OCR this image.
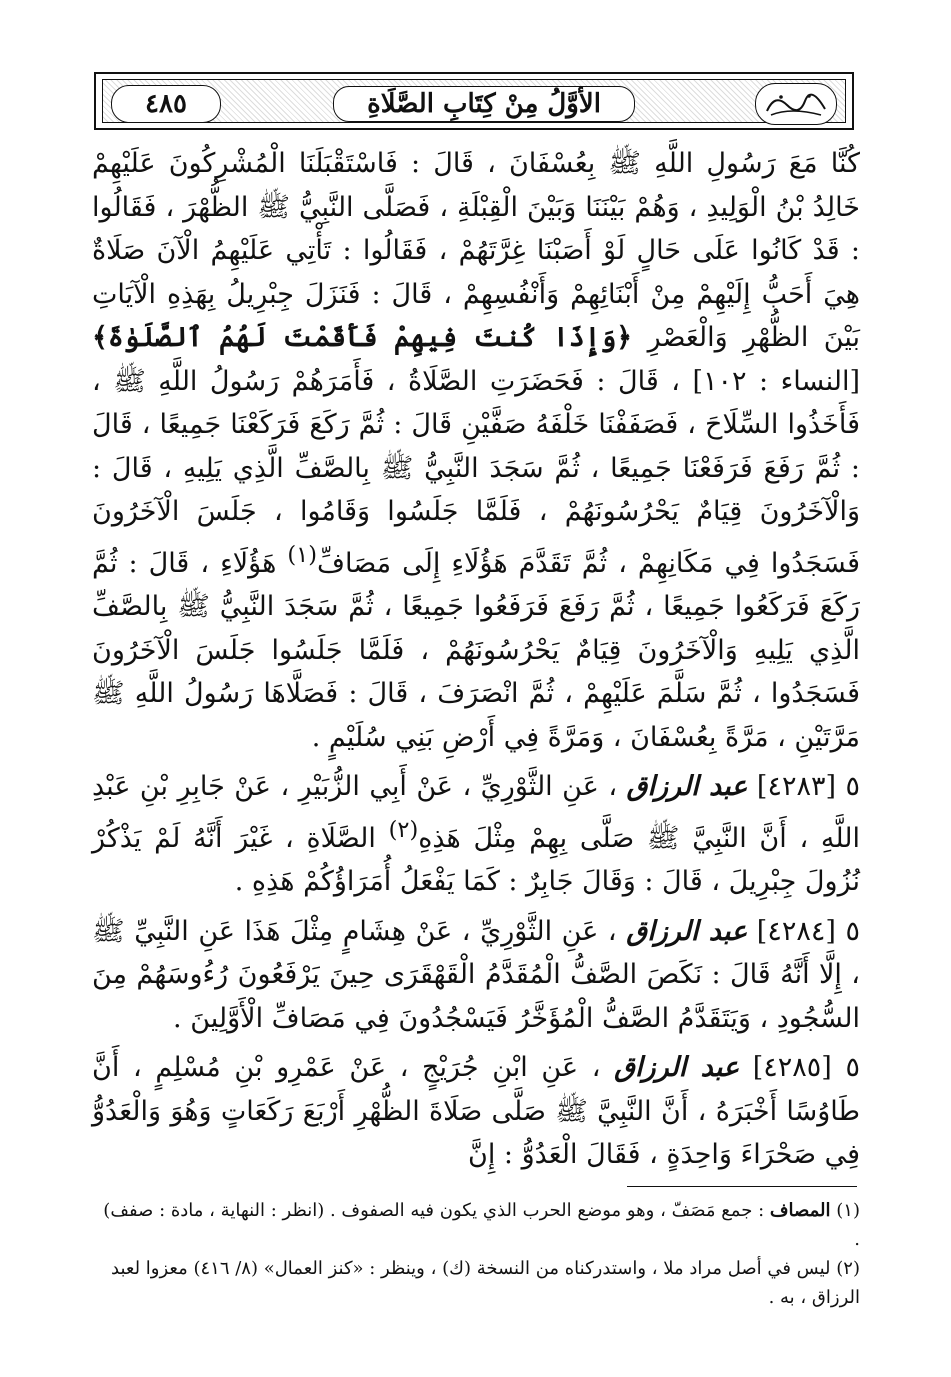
٤٨٥	الأوَّلُ مِنْ كِتَابِ الصَّلَاةِ

كُنَّا مَعَ رَسُولِ اللَّهِ ﷺ بِعُسْفَانَ ، قَالَ : فَاسْتَقْبَلَنَا الْمُشْرِكُونَ عَلَيْهِمْ خَالِدُ بْنُ الْوَلِيدِ ، وَهُمْ بَيْنَنَا وَبَيْنَ الْقِبْلَةِ ، فَصَلَّى النَّبِيُّ ﷺ الظُّهْرَ ، فَقَالُوا : قَدْ كَانُوا عَلَى حَالٍ لَوْ أَصَبْنَا غِرَّتَهُمْ ، فَقَالُوا : تَأْتِي عَلَيْهِمُ الْآنَ صَلَاةٌ هِيَ أَحَبُّ إِلَيْهِمْ مِنْ أَبْنَائِهِمْ وَأَنْفُسِهِمْ ، قَالَ : فَنَزَلَ جِبْرِيلُ بِهَذِهِ الْآيَاتِ بَيْنَ الظُّهْرِ وَالْعَصْرِ ﴿وَإِذَا كُنتَ فِيهِمْ فَأَقَمْتَ لَهُمُ ٱلصَّلَوٰةَ﴾ [النساء : ١٠٢] ، قَالَ : فَحَضَرَتِ الصَّلَاةُ ، فَأَمَرَهُمْ رَسُولُ اللَّهِ ﷺ ، فَأَخَذُوا السِّلَاحَ ، فَصَفَفْنَا خَلْفَهُ صَفَّيْنِ قَالَ : ثُمَّ رَكَعَ فَرَكَعْنَا جَمِيعًا ، قَالَ : ثُمَّ رَفَعَ فَرَفَعْنَا جَمِيعًا ، ثُمَّ سَجَدَ النَّبِيُّ ﷺ بِالصَّفِّ الَّذِي يَلِيهِ ، قَالَ : وَالْآخَرُونَ قِيَامٌ يَحْرُسُونَهُمْ ، فَلَمَّا جَلَسُوا وَقَامُوا ، جَلَسَ الْآخَرُونَ فَسَجَدُوا فِي مَكَانِهِمْ ، ثُمَّ تَقَدَّمَ هَؤُلَاءِ إِلَى مَصَافِّ$^{(١)}$ هَؤُلَاءِ ، قَالَ : ثُمَّ رَكَعَ فَرَكَعُوا جَمِيعًا ، ثُمَّ رَفَعَ فَرَفَعُوا جَمِيعًا ، ثُمَّ سَجَدَ النَّبِيُّ ﷺ بِالصَّفِّ الَّذِي يَلِيهِ وَالْآخَرُونَ قِيَامٌ يَحْرُسُونَهُمْ ، فَلَمَّا جَلَسُوا جَلَسَ الْآخَرُونَ فَسَجَدُوا ، ثُمَّ سَلَّمَ عَلَيْهِمْ ، ثُمَّ انْصَرَفَ ، قَالَ : فَصَلَّاهَا رَسُولُ اللَّهِ ﷺ مَرَّتَيْنِ ، مَرَّةً بِعُسْفَانَ ، وَمَرَّةً فِي أَرْضِ بَنِي سُلَيْمٍ .

٥ [٤٢٨٣] عبد الرزاق ، عَنِ الثَّوْرِيِّ ، عَنْ أَبِي الزُّبَيْرِ ، عَنْ جَابِرِ بْنِ عَبْدِ اللَّهِ ، أَنَّ النَّبِيَّ ﷺ صَلَّى بِهِمْ مِثْلَ هَذِهِ$^{(٢)}$ الصَّلَاةِ ، غَيْرَ أَنَّهُ لَمْ يَذْكُرْ نُزُولَ جِبْرِيلَ ، قَالَ : وَقَالَ جَابِرٌ : كَمَا يَفْعَلُ أُمَرَاؤُكُمْ هَذِهِ .

٥ [٤٢٨٤] عبد الرزاق ، عَنِ الثَّوْرِيِّ ، عَنْ هِشَامٍ مِثْلَ هَذَا عَنِ النَّبِيِّ ﷺ ، إِلَّا أَنَّهُ قَالَ : نَكَصَ الصَّفُّ الْمُقَدَّمُ الْقَهْقَرَى حِينَ يَرْفَعُونَ رُءُوسَهُمْ مِنَ السُّجُودِ ، وَيَتَقَدَّمُ الصَّفُّ الْمُؤَخَّرُ فَيَسْجُدُونَ فِي مَصَافِّ الْأَوَّلِينَ .

٥ [٤٢٨٥] عبد الرزاق ، عَنِ ابْنِ جُرَيْجٍ ، عَنْ عَمْرِو بْنِ مُسْلِمٍ ، أَنَّ طَاوُسًا أَخْبَرَهُ ، أَنَّ النَّبِيَّ ﷺ صَلَّى صَلَاةَ الظُّهْرِ أَرْبَعَ رَكَعَاتٍ وَهُوَ وَالْعَدُوُّ فِي صَحْرَاءَ وَاحِدَةٍ ، فَقَالَ الْعَدُوُّ : إِنَّ

(١) المصاف : جمع مَصَفّ ، وهو موضع الحرب الذي يكون فيه الصفوف . (انظر : النهاية ، مادة : صفف) .

(٢) ليس في أصل مراد ملا ، واستدركناه من النسخة (ك) ، وينظر : «كنز العمال» (٨/ ٤١٦) معزوا لعبد الرزاق ، به .
